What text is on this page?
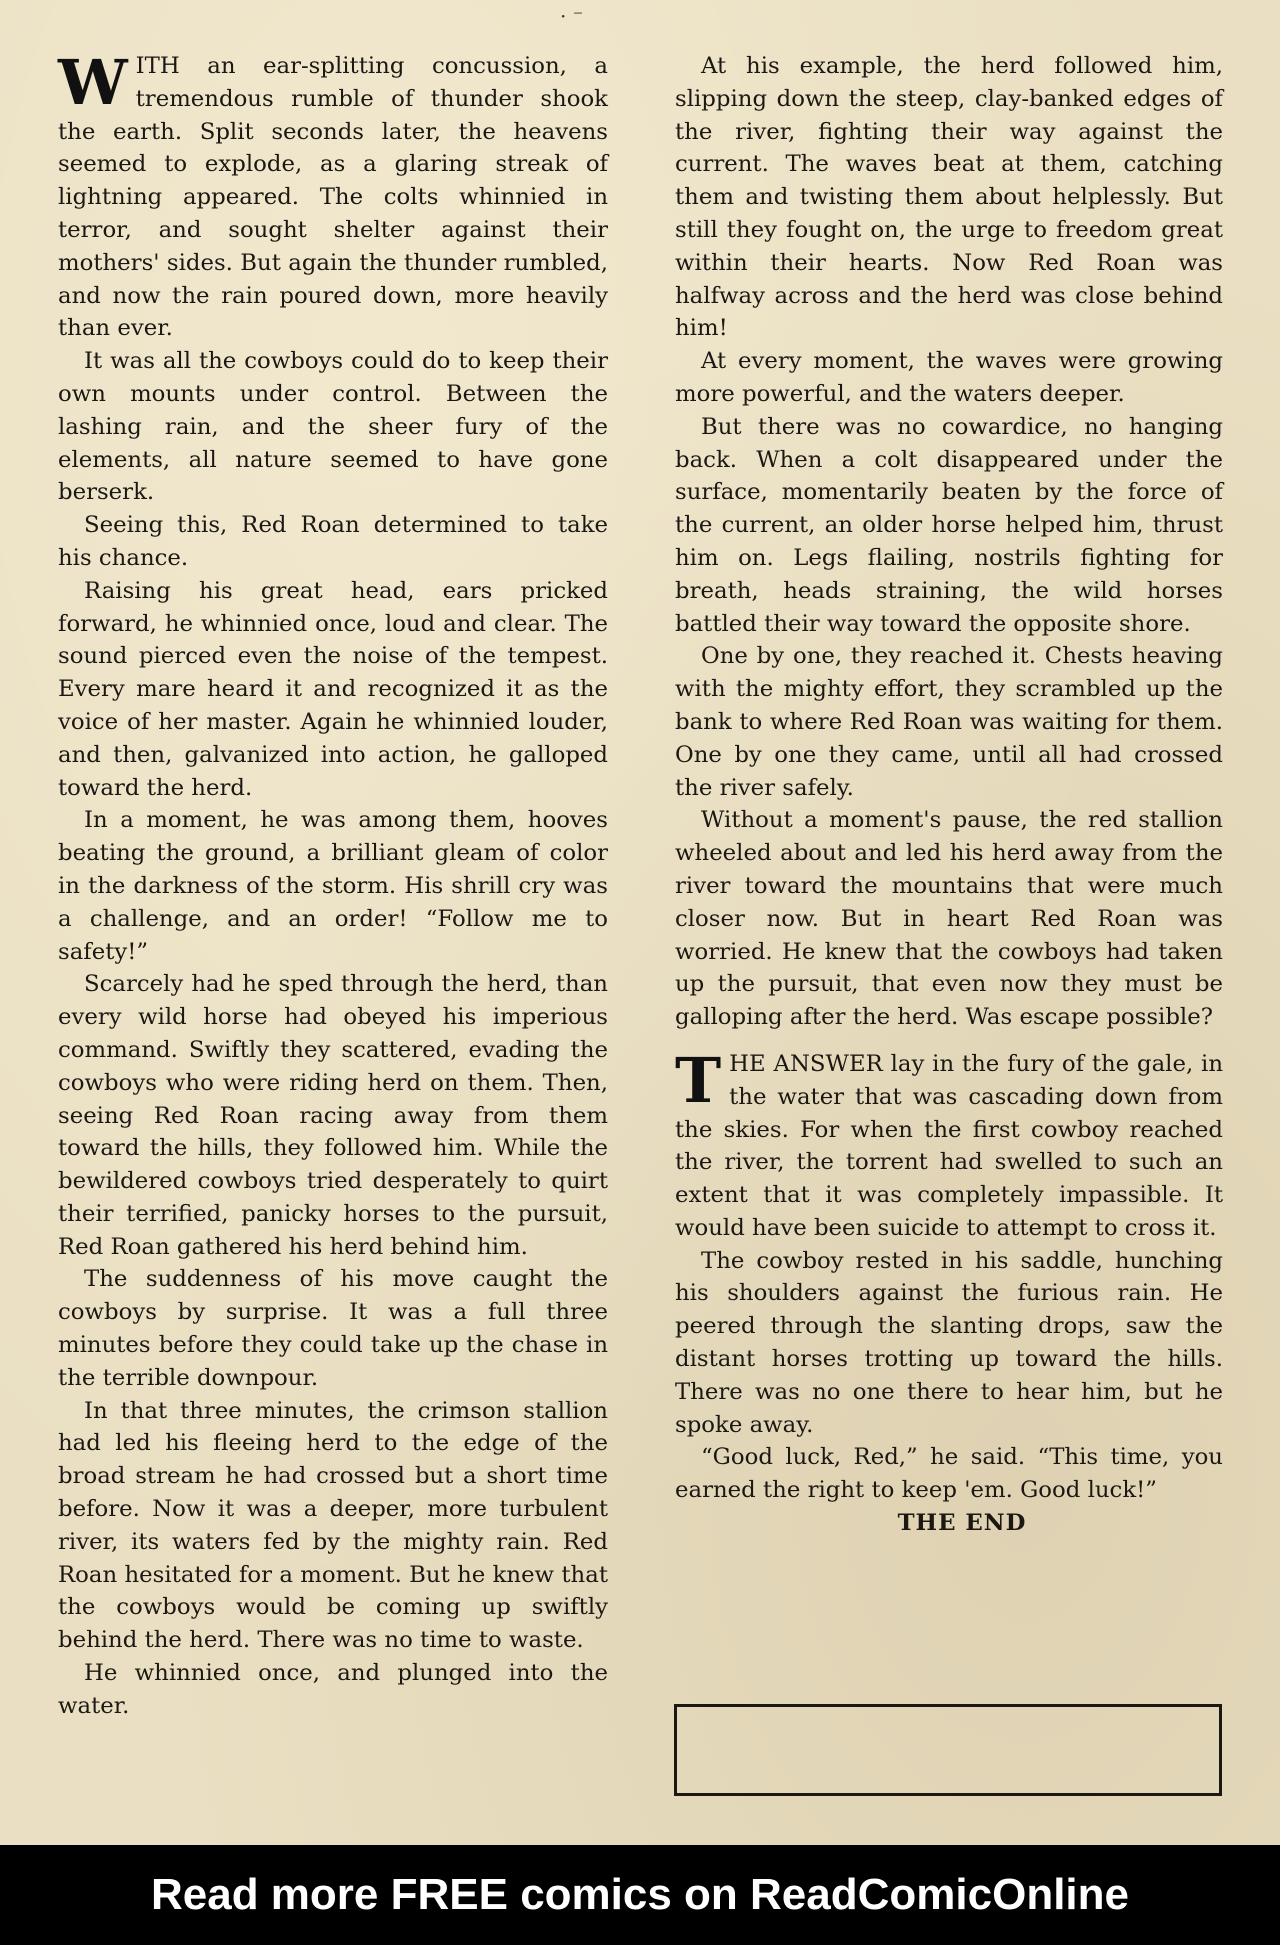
· ⁻

WITH an ear-splitting concussion, a tremendous rumble of thunder shook the earth. Split seconds later, the heavens seemed to explode, as a glaring streak of lightning appeared. The colts whinnied in terror, and sought shelter against their mothers' sides. But again the thunder rumbled, and now the rain poured down, more heavily than ever.

It was all the cowboys could do to keep their own mounts under control. Between the lashing rain, and the sheer fury of the elements, all nature seemed to have gone berserk.

Seeing this, Red Roan determined to take his chance.

Raising his great head, ears pricked forward, he whinnied once, loud and clear. The sound pierced even the noise of the tempest. Every mare heard it and recognized it as the voice of her master. Again he whinnied louder, and then, galvanized into action, he galloped toward the herd.

In a moment, he was among them, hooves beating the ground, a brilliant gleam of color in the darkness of the storm. His shrill cry was a challenge, and an order! “Follow me to safety!”

Scarcely had he sped through the herd, than every wild horse had obeyed his imperious command. Swiftly they scattered, evading the cowboys who were riding herd on them. Then, seeing Red Roan racing away from them toward the hills, they followed him. While the bewildered cowboys tried desperately to quirt their terrified, panicky horses to the pursuit, Red Roan gathered his herd behind him.

The suddenness of his move caught the cowboys by surprise. It was a full three minutes before they could take up the chase in the terrible downpour.

In that three minutes, the crimson stallion had led his fleeing herd to the edge of the broad stream he had crossed but a short time before. Now it was a deeper, more turbulent river, its waters fed by the mighty rain. Red Roan hesitated for a moment. But he knew that the cowboys would be coming up swiftly behind the herd. There was no time to waste.

He whinnied once, and plunged into the water.

At his example, the herd followed him, slipping down the steep, clay-banked edges of the river, fighting their way against the current. The waves beat at them, catching them and twisting them about helplessly. But still they fought on, the urge to freedom great within their hearts. Now Red Roan was halfway across and the herd was close behind him!

At every moment, the waves were growing more powerful, and the waters deeper.

But there was no cowardice, no hanging back. When a colt disappeared under the surface, momentarily beaten by the force of the current, an older horse helped him, thrust him on. Legs flailing, nostrils fighting for breath, heads straining, the wild horses battled their way toward the opposite shore.

One by one, they reached it. Chests heaving with the mighty effort, they scrambled up the bank to where Red Roan was waiting for them. One by one they came, until all had crossed the river safely.

Without a moment's pause, the red stallion wheeled about and led his herd away from the river toward the mountains that were much closer now. But in heart Red Roan was worried. He knew that the cowboys had taken up the pursuit, that even now they must be galloping after the herd. Was escape possible?

THE ANSWER lay in the fury of the gale, in the water that was cascading down from the skies. For when the first cowboy reached the river, the torrent had swelled to such an extent that it was completely impassible. It would have been suicide to attempt to cross it.

The cowboy rested in his saddle, hunching his shoulders against the furious rain. He peered through the slanting drops, saw the distant horses trotting up toward the hills. There was no one there to hear him, but he spoke away.

“Good luck, Red,” he said. “This time, you earned the right to keep 'em. Good luck!”

THE END

Read more FREE comics on ReadComicOnline
